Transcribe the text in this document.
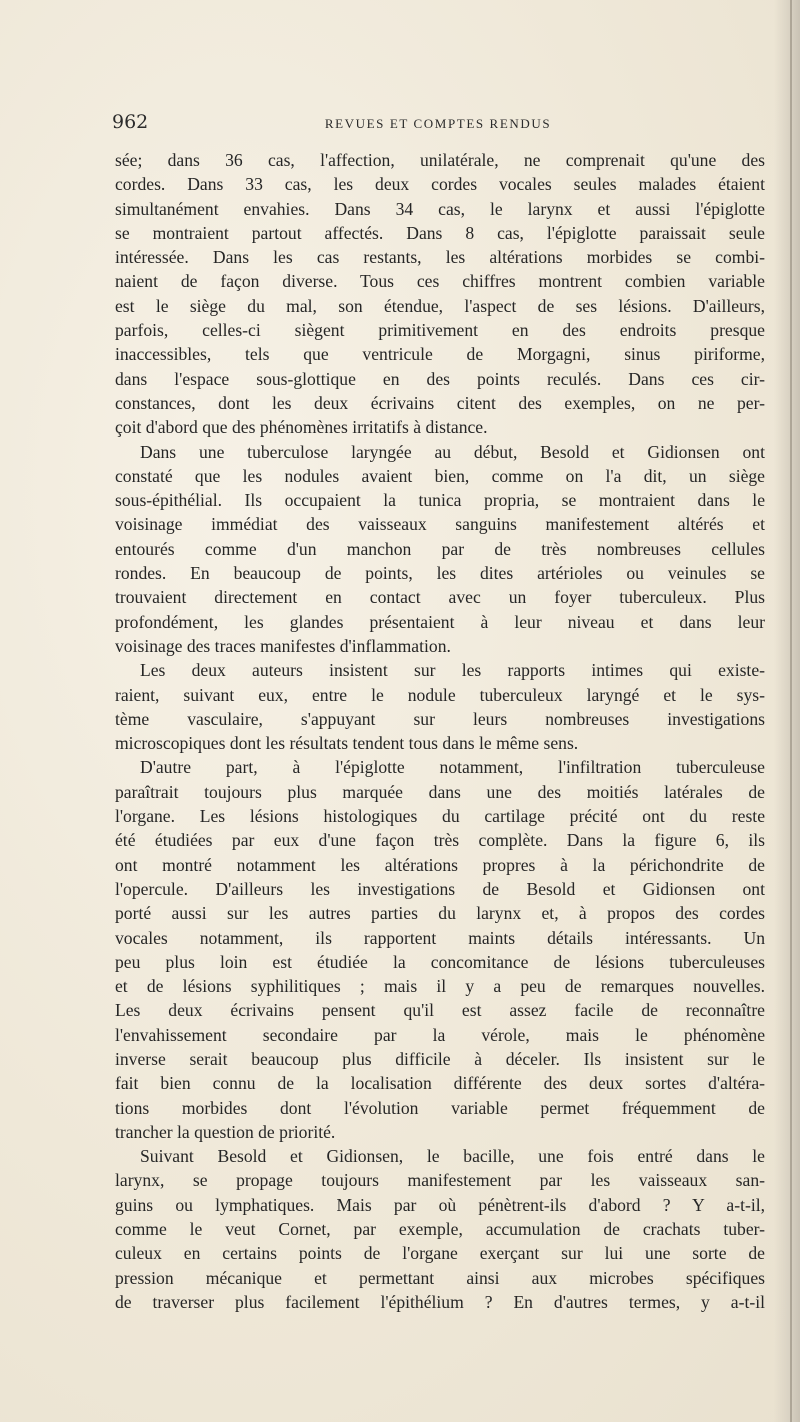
962	REVUES ET COMPTES RENDUS

sée; dans 36 cas, l'affection, unilatérale, ne comprenait qu'une des

cordes. Dans 33 cas, les deux cordes vocales seules malades étaient

simultanément envahies. Dans 34 cas, le larynx et aussi l'épiglotte

se montraient partout affectés. Dans 8 cas, l'épiglotte paraissait seule

intéressée. Dans les cas restants, les altérations morbides se combi-

naient de façon diverse. Tous ces chiffres montrent combien variable

est le siège du mal, son étendue, l'aspect de ses lésions. D'ailleurs,

parfois, celles-ci siègent primitivement en des endroits presque

inaccessibles, tels que ventricule de Morgagni, sinus piriforme,

dans l'espace sous-glottique en des points reculés. Dans ces cir-

constances, dont les deux écrivains citent des exemples, on ne per-

çoit d'abord que des phénomènes irritatifs à distance.

Dans une tuberculose laryngée au début, Besold et Gidionsen ont

constaté que les nodules avaient bien, comme on l'a dit, un siège

sous-épithélial. Ils occupaient la tunica propria, se montraient dans le

voisinage immédiat des vaisseaux sanguins manifestement altérés et

entourés comme d'un manchon par de très nombreuses cellules

rondes. En beaucoup de points, les dites artérioles ou veinules se

trouvaient directement en contact avec un foyer tuberculeux. Plus

profondément, les glandes présentaient à leur niveau et dans leur

voisinage des traces manifestes d'inflammation.

Les deux auteurs insistent sur les rapports intimes qui existe-

raient, suivant eux, entre le nodule tuberculeux laryngé et le sys-

tème vasculaire, s'appuyant sur leurs nombreuses investigations

microscopiques dont les résultats tendent tous dans le même sens.

D'autre part, à l'épiglotte notamment, l'infiltration tuberculeuse

paraîtrait toujours plus marquée dans une des moitiés latérales de

l'organe. Les lésions histologiques du cartilage précité ont du reste

été étudiées par eux d'une façon très complète. Dans la figure 6, ils

ont montré notamment les altérations propres à la périchondrite de

l'opercule. D'ailleurs les investigations de Besold et Gidionsen ont

porté aussi sur les autres parties du larynx et, à propos des cordes

vocales notamment, ils rapportent maints détails intéressants. Un

peu plus loin est étudiée la concomitance de lésions tuberculeuses

et de lésions syphilitiques ; mais il y a peu de remarques nouvelles.

Les deux écrivains pensent qu'il est assez facile de reconnaître

l'envahissement secondaire par la vérole, mais le phénomène

inverse serait beaucoup plus difficile à déceler. Ils insistent sur le

fait bien connu de la localisation différente des deux sortes d'altéra-

tions morbides dont l'évolution variable permet fréquemment de

trancher la question de priorité.

Suivant Besold et Gidionsen, le bacille, une fois entré dans le

larynx, se propage toujours manifestement par les vaisseaux san-

guins ou lymphatiques. Mais par où pénètrent-ils d'abord ? Y a-t-il,

comme le veut Cornet, par exemple, accumulation de crachats tuber-

culeux en certains points de l'organe exerçant sur lui une sorte de

pression mécanique et permettant ainsi aux microbes spécifiques

de traverser plus facilement l'épithélium ? En d'autres termes, y a-t-il
